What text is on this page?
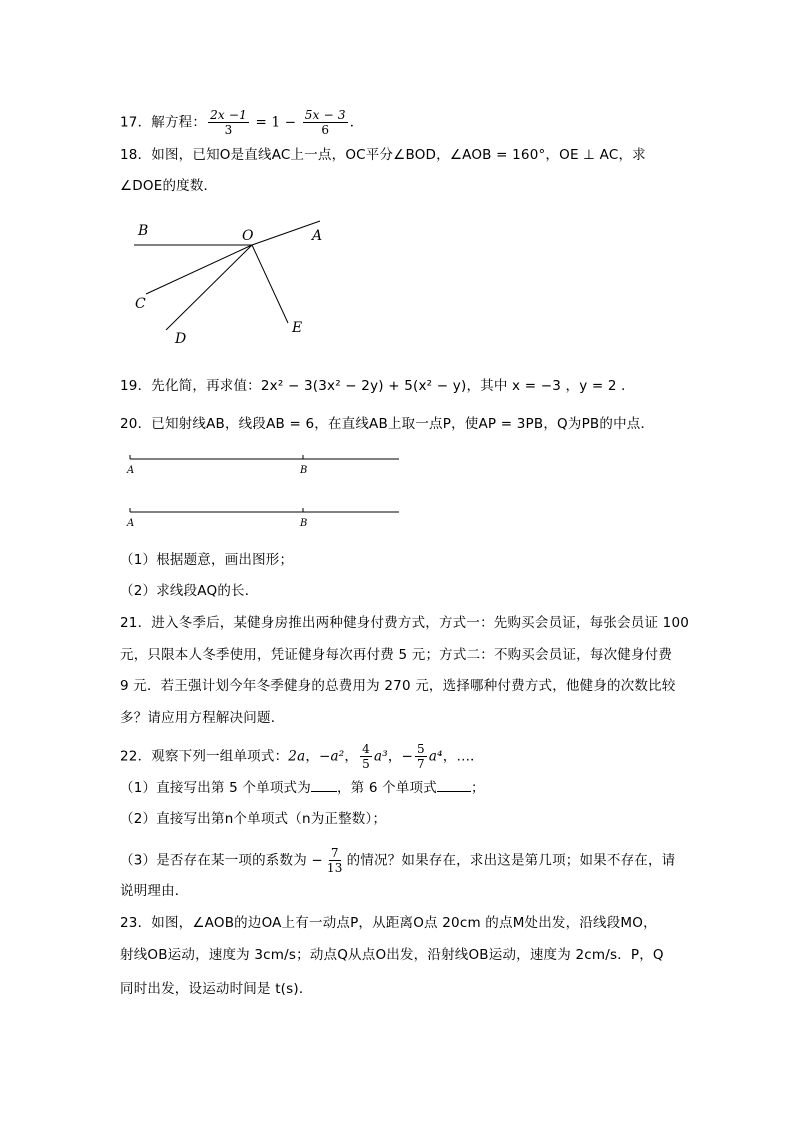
17．解方程： $\frac{2x -1}{3} = 1 - \frac{5x - 3}{6}$ ．
18．如图，已知O是直线AC上一点，OC平分∠BOD，∠AOB = 160°，OE ⊥ AC，求
∠DOE的度数．
B	O	A
C
D
E
19．先化简，再求值：2x² − 3(3x² − 2y) + 5(x² − y)，其中 x = −3 ，y = 2 ．
20．已知射线AB，线段AB = 6，在直线AB上取一点P，使AP = 3PB，Q为PB的中点．
A	B
A	B
（1）根据题意，画出图形；
（2）求线段AQ的长．
21．进入冬季后，某健身房推出两种健身付费方式，方式一：先购买会员证，每张会员证 100
元，只限本人冬季使用，凭证健身每次再付费 5 元；方式二：不购买会员证，每次健身付费
9 元．若王强计划今年冬季健身的总费用为 270 元，选择哪种付费方式，他健身的次数比较
多？请应用方程解决问题．
22．观察下列一组单项式：2a，−a²， $\frac{4}{5} a^3$，− $\frac{5}{7} a^4$，…．
（1）直接写出第 5 个单项式为 ，第 6 个单项式	；
（2）直接写出第n个单项式（n为正整数）；
（3）是否存在某一项的系数为 − $\frac{7}{13}$ 的情况？如果存在，求出这是第几项；如果不存在，请
说明理由．
23．如图，∠AOB的边OA上有一动点P，从距离O点 20cm 的点M处出发，沿线段MO，
射线OB运动，速度为 3cm/s；动点Q从点O出发，沿射线OB运动，速度为 2cm/s．P，Q
同时出发，设运动时间是 t(s)．
